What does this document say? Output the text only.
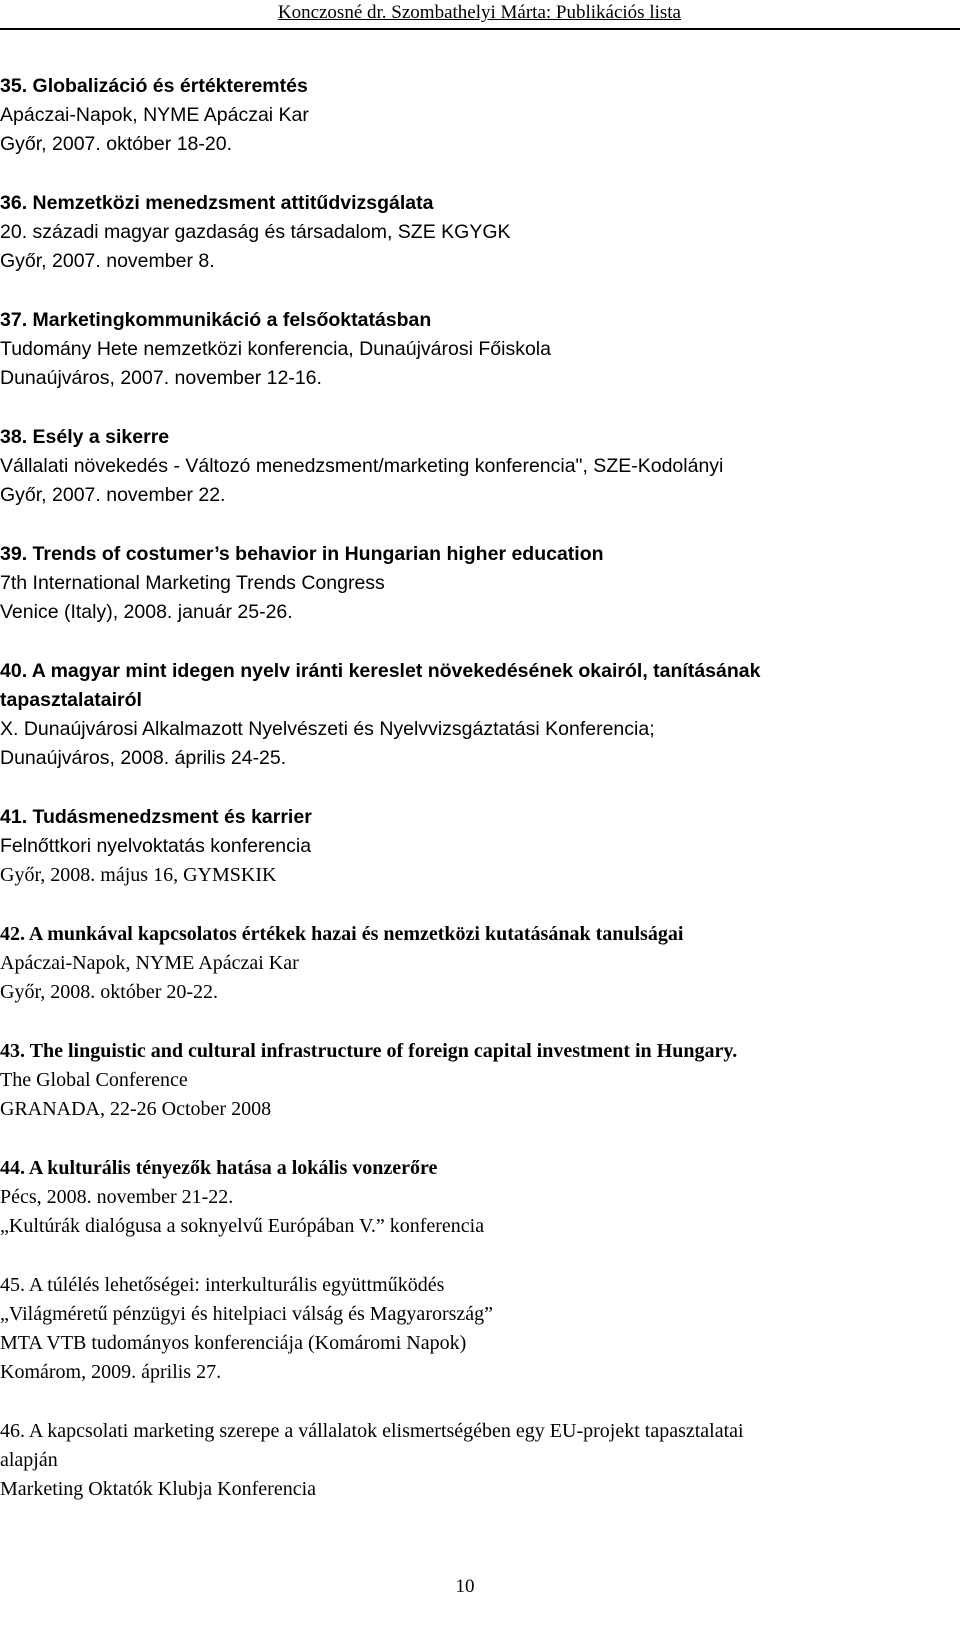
Konczosné dr. Szombathelyi Márta: Publikációs lista
35. Globalizáció és értékteremtés
Apáczai-Napok, NYME Apáczai Kar
Győr, 2007. október 18-20.
36. Nemzetközi menedzsment attitűdvizsgálata
20. századi magyar gazdaság és társadalom, SZE KGYGK
Győr, 2007. november 8.
37. Marketingkommunikáció a felsőoktatásban
Tudomány Hete nemzetközi konferencia, Dunaújvárosi Főiskola
Dunaújváros, 2007. november 12-16.
38. Esély a sikerre
Vállalati növekedés - Változó menedzsment/marketing konferencia", SZE-Kodolányi
Győr, 2007. november 22.
39. Trends of costumer’s behavior in Hungarian higher education
7th International Marketing Trends Congress
Venice (Italy), 2008. január 25-26.
40. A magyar mint idegen nyelv iránti kereslet növekedésének okairól, tanításának
tapasztalatairól
X. Dunaújvárosi Alkalmazott Nyelvészeti és Nyelvvizsgáztatási Konferencia;
Dunaújváros, 2008. április 24-25.
41. Tudásmenedzsment és karrier
Felnőttkori nyelvoktatás konferencia
Győr, 2008. május 16, GYMSKIK
42. A munkával kapcsolatos értékek hazai és nemzetközi kutatásának tanulságai
Apáczai-Napok, NYME Apáczai Kar
Győr, 2008. október 20-22.
43. The linguistic and cultural infrastructure of foreign capital investment in Hungary.
The Global Conference
GRANADA, 22-26 October 2008
44. A kulturális tényezők hatása a lokális vonzerőre
Pécs, 2008. november 21-22.
„Kultúrák dialógusa a soknyelvű Európában V.” konferencia
45. A túlélés lehetőségei: interkulturális együttműködés
„Világméretű pénzügyi és hitelpiaci válság és Magyarország”
MTA VTB tudományos konferenciája (Komáromi Napok)
Komárom, 2009. április 27.
46. A kapcsolati marketing szerepe a vállalatok elismertségében egy EU-projekt tapasztalatai
alapján
Marketing Oktatók Klubja Konferencia
10
